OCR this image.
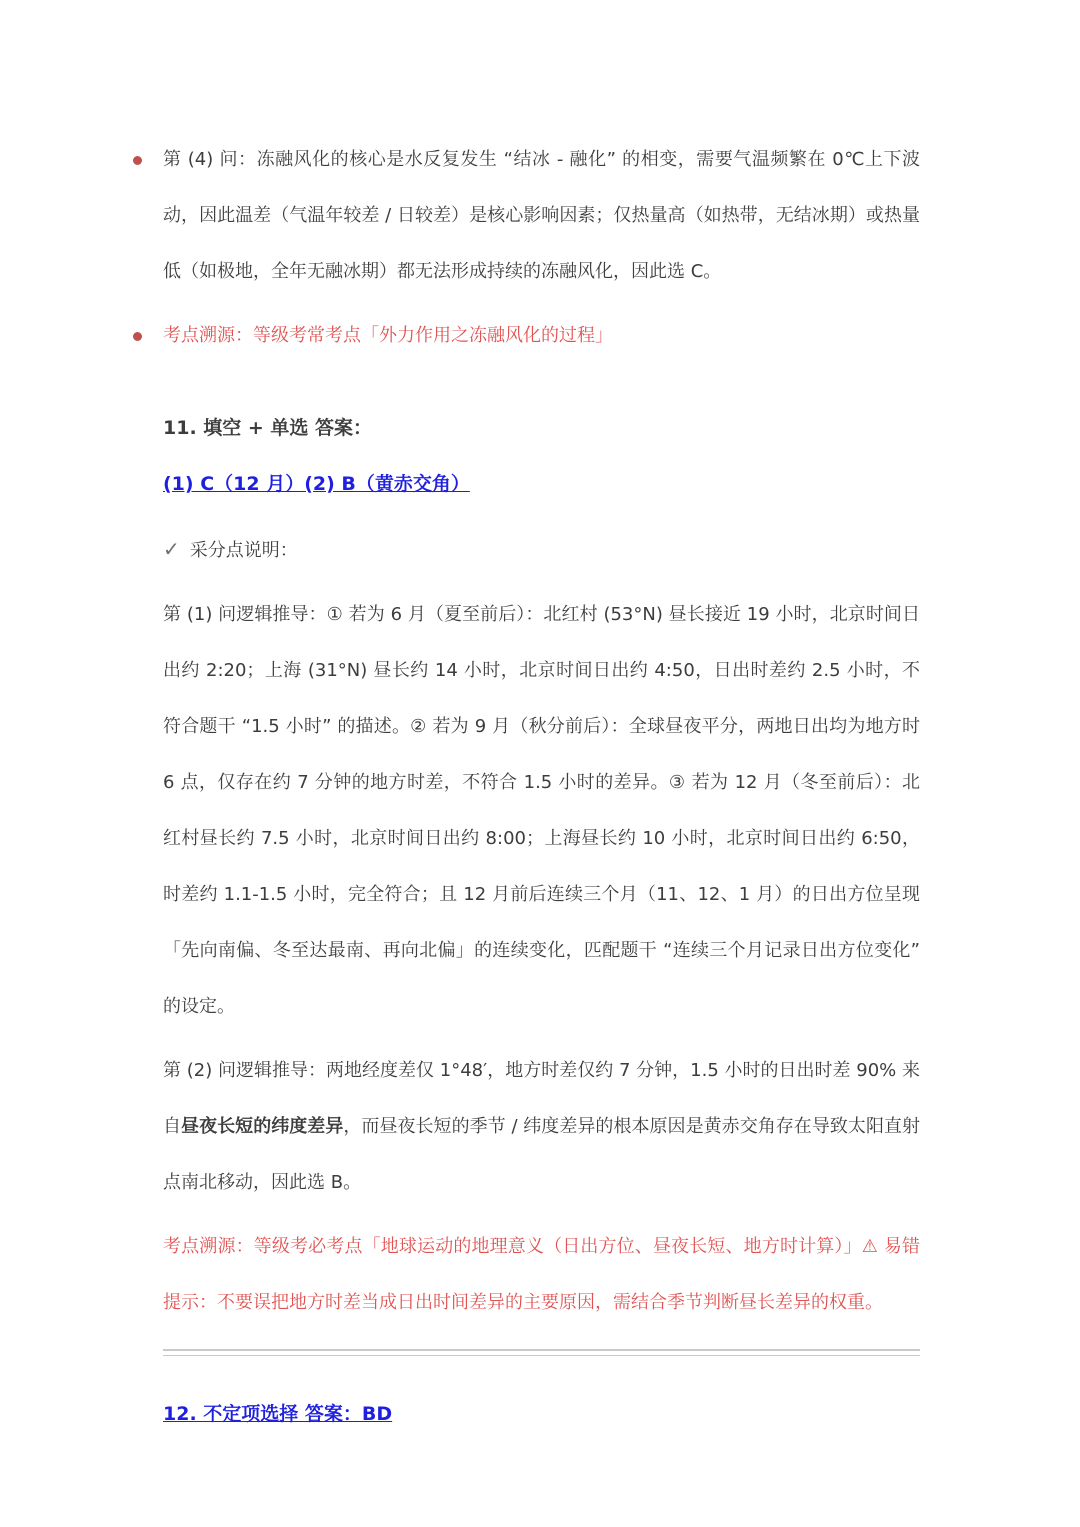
第 (4) 问：冻融风化的核心是水反复发生 “结冰 - 融化” 的相变，需要气温频繁在 0℃上下波动，因此温差（气温年较差 / 日较差）是核心影响因素；仅热量高（如热带，无结冰期）或热量低（如极地，全年无融冰期）都无法形成持续的冻融风化，因此选 C。

考点溯源：等级考常考点「外力作用之冻融风化的过程」

11. 填空 + 单选 答案：

(1) C（12 月）(2) B（黄赤交角）

✓ 采分点说明：

第 (1) 问逻辑推导：① 若为 6 月（夏至前后）：北红村 (53°N) 昼长接近 19 小时，北京时间日出约 2:20；上海 (31°N) 昼长约 14 小时，北京时间日出约 4:50，日出时差约 2.5 小时，不符合题干 “1.5 小时” 的描述。② 若为 9 月（秋分前后）：全球昼夜平分，两地日出均为地方时 6 点，仅存在约 7 分钟的地方时差，不符合 1.5 小时的差异。③ 若为 12 月（冬至前后）：北红村昼长约 7.5 小时，北京时间日出约 8:00；上海昼长约 10 小时，北京时间日出约 6:50，时差约 1.1-1.5 小时，完全符合；且 12 月前后连续三个月（11、12、1 月）的日出方位呈现「先向南偏、冬至达最南、再向北偏」的连续变化，匹配题干 “连续三个月记录日出方位变化” 的设定。

第 (2) 问逻辑推导：两地经度差仅 1°48′，地方时差仅约 7 分钟，1.5 小时的日出时差 90% 来自昼夜长短的纬度差异，而昼夜长短的季节 / 纬度差异的根本原因是黄赤交角存在导致太阳直射点南北移动，因此选 B。

考点溯源：等级考必考点「地球运动的地理意义（日出方位、昼夜长短、地方时计算）」⚠ 易错提示：不要误把地方时差当成日出时间差异的主要原因，需结合季节判断昼长差异的权重。

12. 不定项选择 答案：BD
